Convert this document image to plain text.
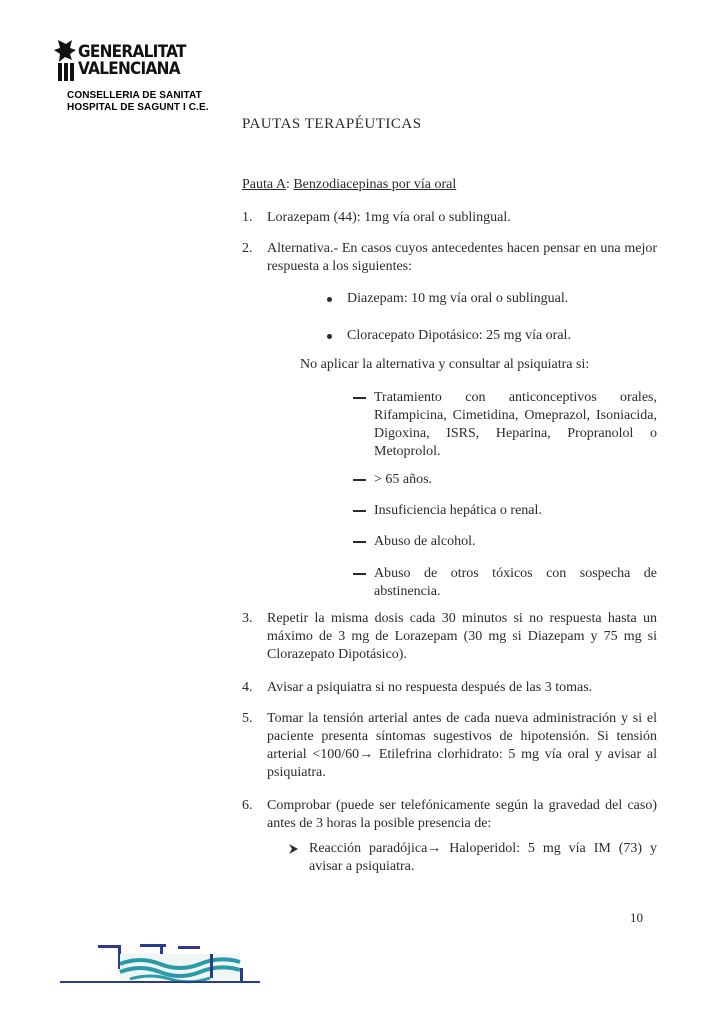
GENERALITAT
VALENCIANA
CONSELLERIA DE SANITAT
HOSPITAL DE SAGUNT I C.E.
PAUTAS TERAPÉUTICAS
Pauta A: Benzodiacepinas por vía oral
1. Lorazepam (44): 1mg vía oral o sublingual.
2. Alternativa.- En casos cuyos antecedentes hacen pensar en una mejor respuesta a los siguientes:
Diazepam: 10 mg vía oral o sublingual.
Cloracepato Dipotásico: 25 mg vía oral.
No aplicar la alternativa y consultar al psiquiatra si:
Tratamiento con anticonceptivos orales, Rifampicina, Cimetidina, Omeprazol, Isoniacida, Digoxina, ISRS, Heparina, Propranolol o Metoprolol.
> 65 años.
Insuficiencia hepática o renal.
Abuso de alcohol.
Abuso de otros tóxicos con sospecha de abstinencia.
3. Repetir la misma dosis cada 30 minutos si no respuesta hasta un máximo de 3 mg de Lorazepam (30 mg si Diazepam y 75 mg si Clorazepato Dipotásico).
4. Avisar a psiquiatra si no respuesta después de las 3 tomas.
5. Tomar la tensión arterial antes de cada nueva administración y si el paciente presenta síntomas sugestivos de hipotensión. Si tensión arterial <100/60→ Etilefrina clorhidrato: 5 mg vía oral y avisar al psiquiatra.
6. Comprobar (puede ser telefónicamente según la gravedad del caso) antes de 3 horas la posible presencia de:
Reacción paradójica→ Haloperidol: 5 mg vía IM (73) y avisar a psiquiatra.
10
